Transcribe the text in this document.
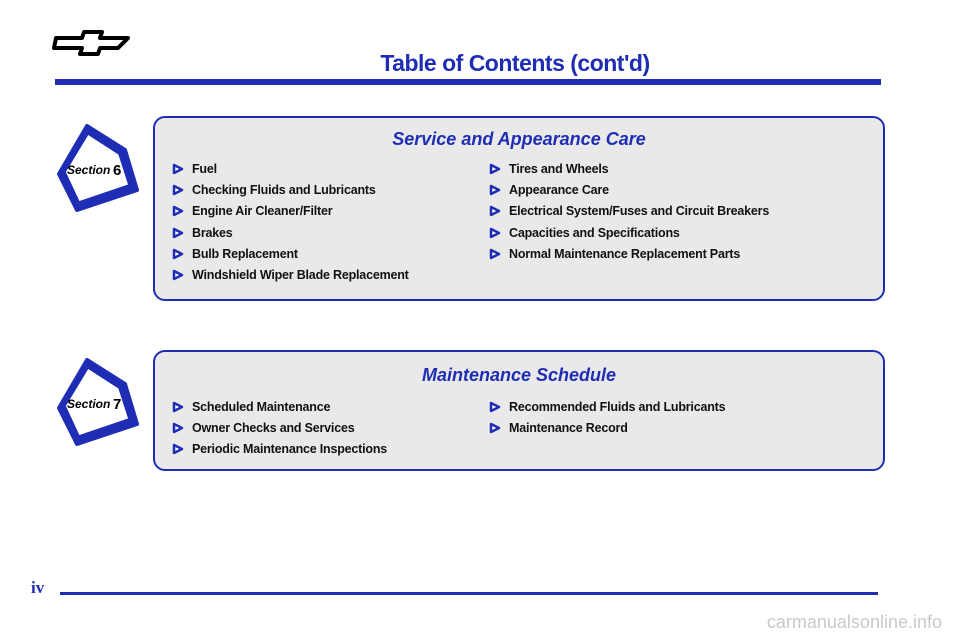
Table of Contents (cont'd)
Section 6
Service and Appearance Care
Fuel
Checking Fluids and Lubricants
Engine Air Cleaner/Filter
Brakes
Bulb Replacement
Windshield Wiper Blade Replacement
Tires and Wheels
Appearance Care
Electrical System/Fuses and Circuit Breakers
Capacities and Specifications
Normal Maintenance Replacement Parts
Section 7
Maintenance Schedule
Scheduled Maintenance
Owner Checks and Services
Periodic Maintenance Inspections
Recommended Fluids and Lubricants
Maintenance Record
iv
carmanualsonline.info
